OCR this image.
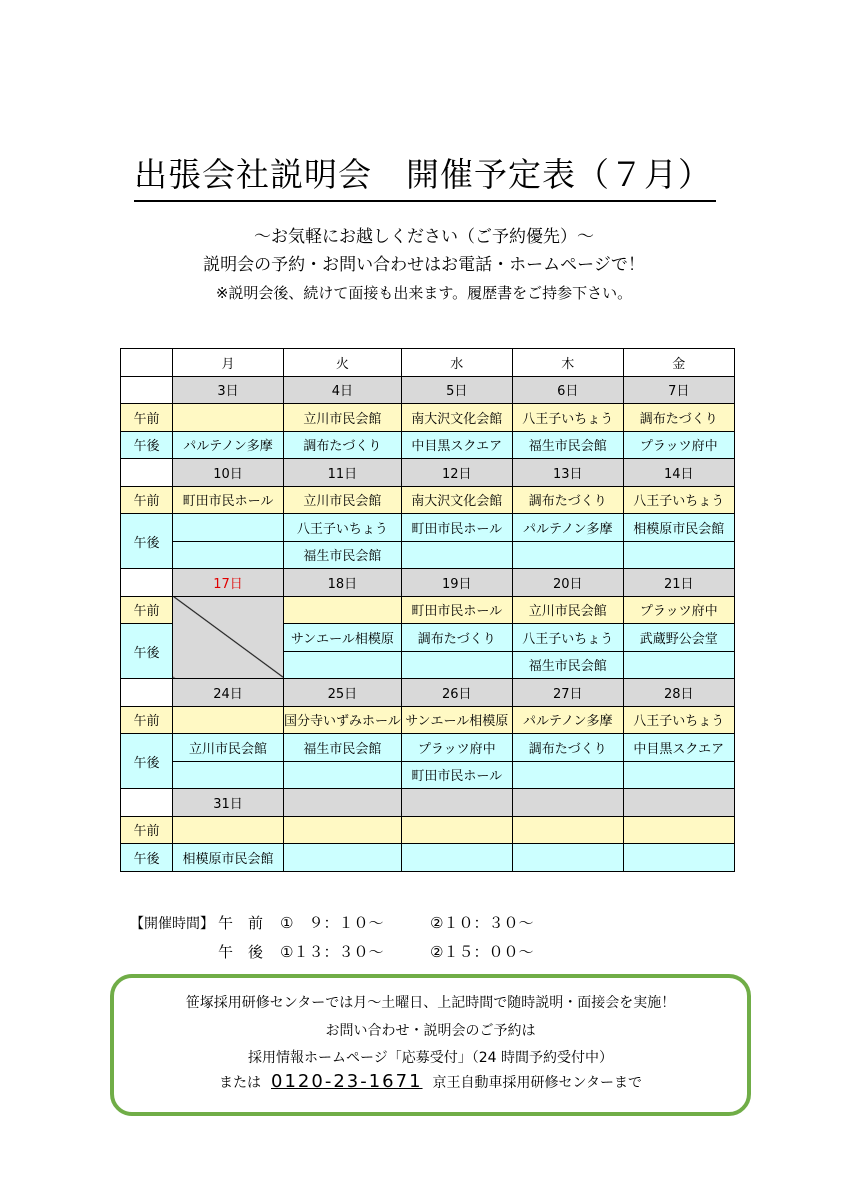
出張会社説明会　開催予定表（７月）
～お気軽にお越しください（ご予約優先）～
説明会の予約・お問い合わせはお電話・ホームページで！
※説明会後、続けて面接も出来ます。履歴書をご持参下さい。
	月	火	水	木	金
	3日	4日	5日	6日	7日
午前		立川市民会館	南大沢文化会館	八王子いちょう	調布たづくり
午後	パルテノン多摩	調布たづくり	中目黒スクエア	福生市民会館	プラッツ府中
	10日	11日	12日	13日	14日
午前	町田市民ホール	立川市民会館	南大沢文化会館	調布たづくり	八王子いちょう
午後		八王子いちょう	町田市民ホール	パルテノン多摩	相模原市民会館
		福生市民会館			
	17日	18日	19日	20日	21日
午前			町田市民ホール	立川市民会館	プラッツ府中
午後		サンエール相模原	調布たづくり	八王子いちょう	武蔵野公会堂
				福生市民会館	
	24日	25日	26日	27日	28日
午前		国分寺いずみホール	サンエール相模原	パルテノン多摩	八王子いちょう
午後	立川市民会館	福生市民会館	プラッツ府中	調布たづくり	中目黒スクエア
			町田市民ホール		
	31日				
午前					
午後	相模原市民会館				
【開催時間】 午　前 ①　９：１０～	②１０：３０～
午　後 ①１３：３０～	②１５：００～
笹塚採用研修センターでは月～土曜日、上記時間で随時説明・面接会を実施！
お問い合わせ・説明会のご予約は
採用情報ホームページ「応募受付」（24 時間予約受付中）
または 0120-23-1671 京王自動車採用研修センターまで
